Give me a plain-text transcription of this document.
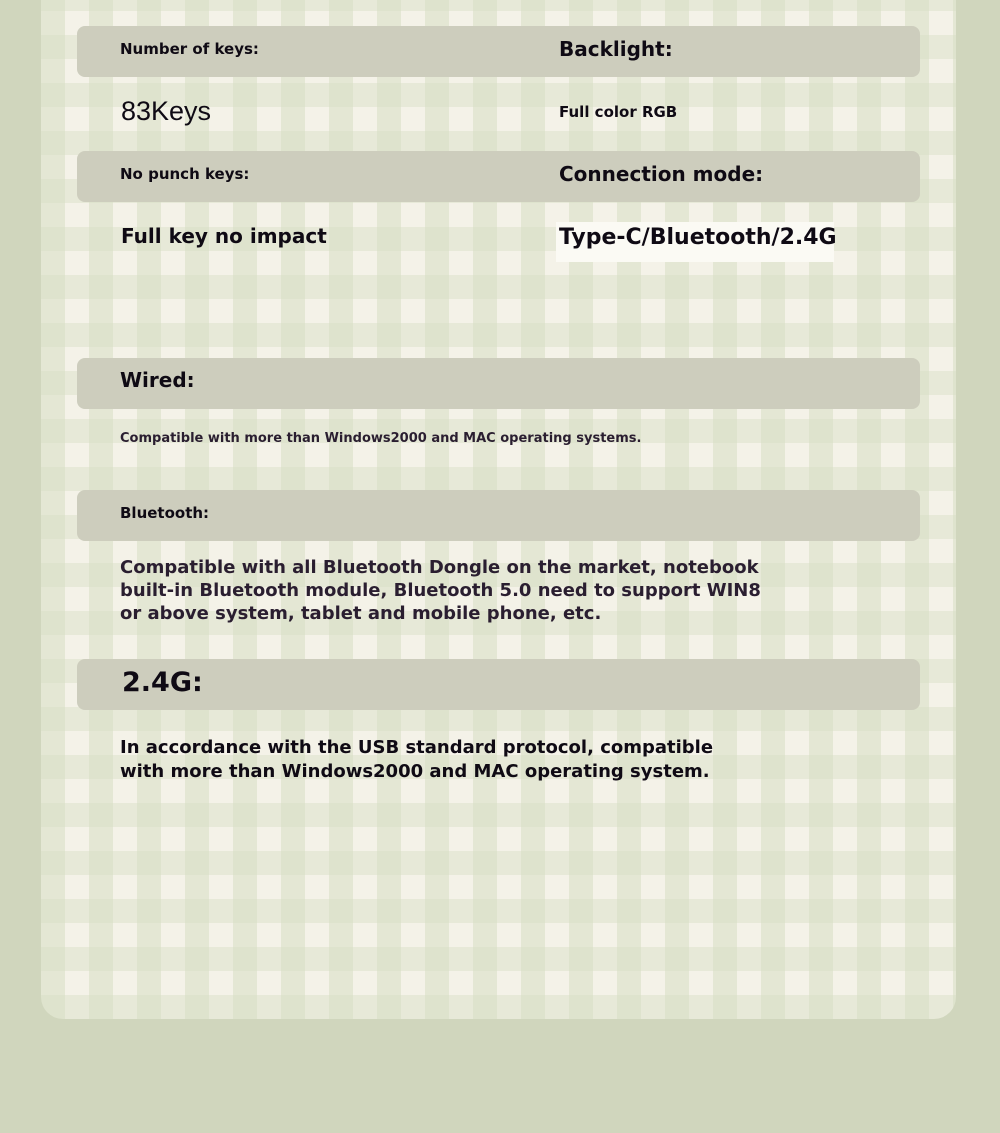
Number of keys:	Backlight:
83Keys	Full color RGB
No punch keys:	Connection mode:
Full key no impact	Type-C/Bluetooth/2.4G
Wired:
Compatible with more than Windows2000 and MAC operating systems.
Bluetooth:
Compatible with all Bluetooth Dongle on the market, notebook built-in Bluetooth module, Bluetooth 5.0 need to support WIN8 or above system, tablet and mobile phone, etc.
2.4G:
In accordance with the USB standard protocol, compatible with more than Windows2000 and MAC operating system.
